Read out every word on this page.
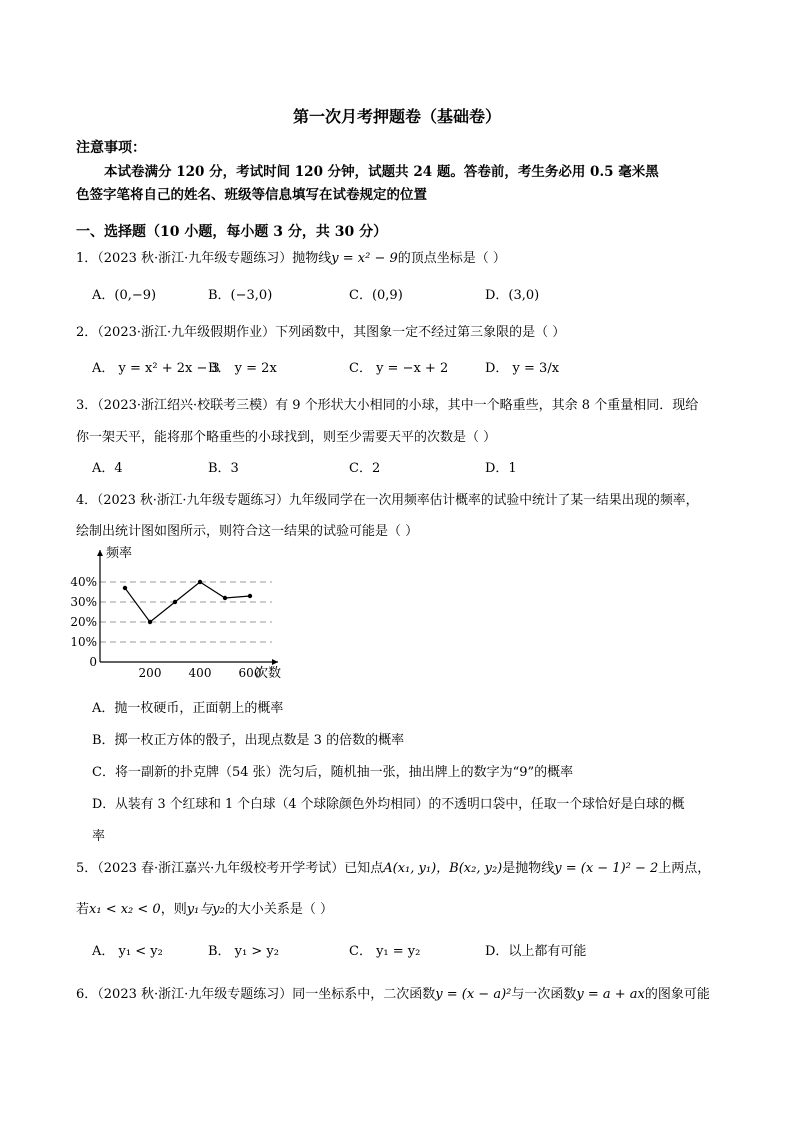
第一次月考押题卷（基础卷）
注意事项：
本试卷满分 120 分，考试时间 120 分钟，试题共 24 题。答卷前，考生务必用 0.5 毫米黑
色签字笔将自己的姓名、班级等信息填写在试卷规定的位置
一、选择题（10 小题，每小题 3 分，共 30 分）
1．（2023 秋·浙江·九年级专题练习）抛物线y = x² − 9的顶点坐标是（ ）
A．(0,−9)	B．(−3,0)	C．(0,9)	D．(3,0)
2．（2023·浙江·九年级假期作业）下列函数中，其图象一定不经过第三象限的是（ ）
A． y = x² + 2x − 3
B． y = 2x	C． y = −x + 2	D． y = 3/x
3．（2023·浙江绍兴·校联考三模）有 9 个形状大小相同的小球，其中一个略重些，其余 8 个重量相同．现给
你一架天平，能将那个略重些的小球找到，则至少需要天平的次数是（ ）
A．4	B．3	C．2	D．1
4．（2023 秋·浙江·九年级专题练习）九年级同学在一次用频率估计概率的试验中统计了某一结果出现的频率，
绘制出统计图如图所示，则符合这一结果的试验可能是（ ）
0
10%
20%
30%
40%
200 400 600
频率
次数
A．抛一枚硬币，正面朝上的概率
B．掷一枚正方体的骰子，出现点数是 3 的倍数的概率
C．将一副新的扑克牌（54 张）洗匀后，随机抽一张，抽出牌上的数字为“9”的概率
D．从装有 3 个红球和 1 个白球（4 个球除颜色外均相同）的不透明口袋中，任取一个球恰好是白球的概
率
5．（2023 春·浙江嘉兴·九年级校考开学考试）已知点A(x₁, y₁)，B(x₂, y₂)是抛物线y = (x − 1)² − 2上两点，
若x₁ < x₂ < 0，则y₁与y₂的大小关系是（ ）
A． y₁ < y₂	B． y₁ > y₂	C． y₁ = y₂	D．以上都有可能
6．（2023 秋·浙江·九年级专题练习）同一坐标系中，二次函数y = (x − a)²与一次函数y = a + ax的图象可能
